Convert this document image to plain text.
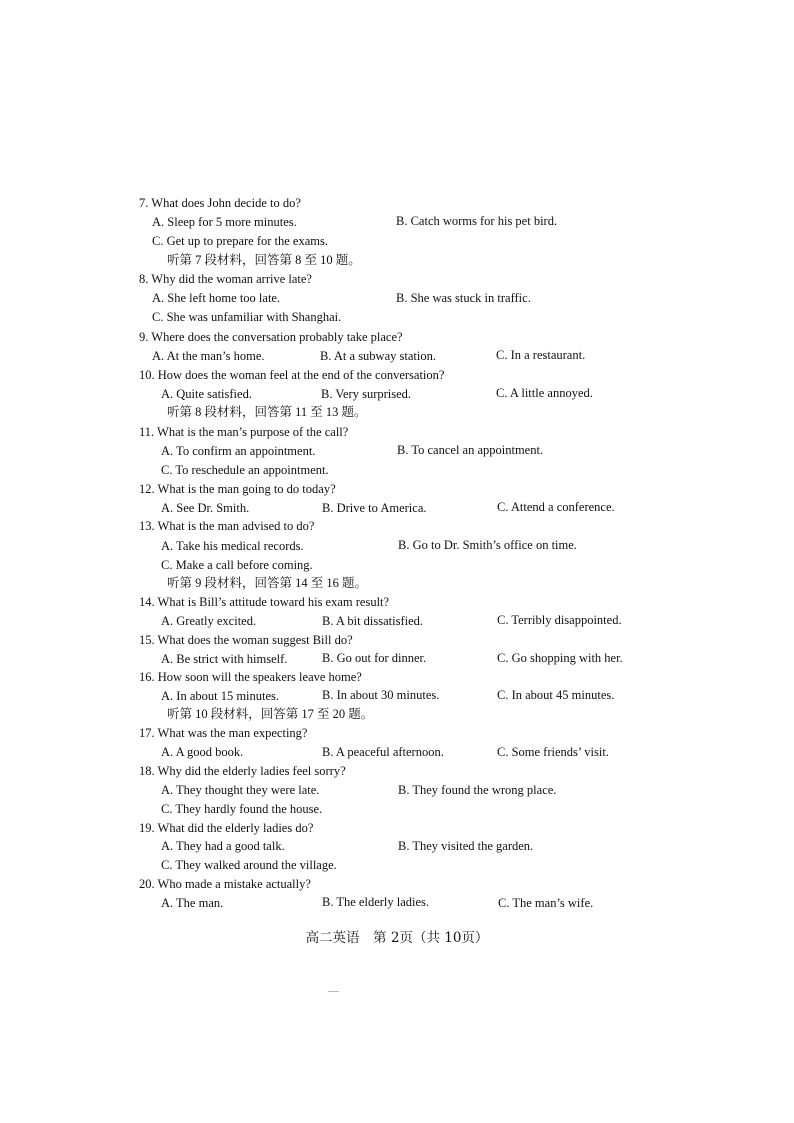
7. What does John decide to do?
A. Sleep for 5 more minutes.	B. Catch worms for his pet bird.
C. Get up to prepare for the exams.
听第 7 段材料，回答第 8 至 10 题。
8. Why did the woman arrive late?
A. She left home too late.	B. She was stuck in traffic.
C. She was unfamiliar with Shanghai.
9. Where does the conversation probably take place?
A. At the man’s home.	B. At a subway station.	C. In a restaurant.
10. How does the woman feel at the end of the conversation?
A. Quite satisfied.	B. Very surprised.	C. A little annoyed.
听第 8 段材料，回答第 11 至 13 题。
11. What is the man’s purpose of the call?
A. To confirm an appointment.	B. To cancel an appointment.
C. To reschedule an appointment.
12. What is the man going to do today?
A. See Dr. Smith.	B. Drive to America.	C. Attend a conference.
13. What is the man advised to do?
A. Take his medical records.	B. Go to Dr. Smith’s office on time.
C. Make a call before coming.
听第 9 段材料，回答第 14 至 16 题。
14. What is Bill’s attitude toward his exam result?
A. Greatly excited.	B. A bit dissatisfied.	C. Terribly disappointed.
15. What does the woman suggest Bill do?
A. Be strict with himself.	B. Go out for dinner.	C. Go shopping with her.
16. How soon will the speakers leave home?
A. In about 15 minutes.	B. In about 30 minutes.	C. In about 45 minutes.
听第 10 段材料，回答第 17 至 20 题。
17. What was the man expecting?
A. A good book.	B. A peaceful afternoon.	C. Some friends’ visit.
18. Why did the elderly ladies feel sorry?
A. They thought they were late.	B. They found the wrong place.
C. They hardly found the house.
19. What did the elderly ladies do?
A. They had a good talk.	B. They visited the garden.
C. They walked around the village.
20. Who made a mistake actually?
A. The man.	B. The elderly ladies.	C. The man’s wife.
高二英语　第 2页（共 10页）
